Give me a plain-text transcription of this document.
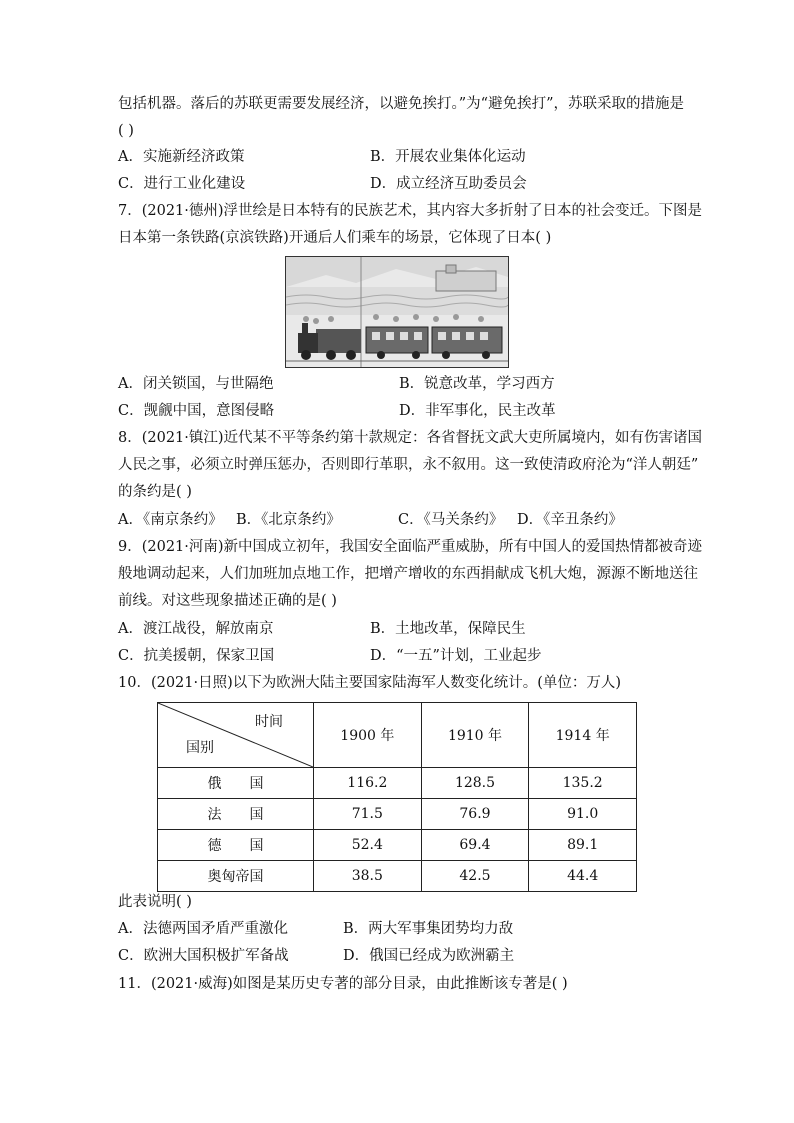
包括机器。落后的苏联更需要发展经济，以避免挨打。”为“避免挨打”，苏联采取的措施是
( )
A．实施新经济政策	B．开展农业集体化运动
C．进行工业化建设	D．成立经济互助委员会
7．(2021·德州)浮世绘是日本特有的民族艺术，其内容大多折射了日本的社会变迁。下图是
日本第一条铁路(京滨铁路)开通后人们乘车的场景，它体现了日本( )
A．闭关锁国，与世隔绝	B．锐意改革，学习西方
C．觊觎中国，意图侵略	D．非军事化，民主改革
8．(2021·镇江)近代某不平等条约第十款规定：各省督抚文武大吏所属境内，如有伤害诸国
人民之事，必须立时弹压惩办，否则即行革职，永不叙用。这一致使清政府沦为“洋人朝廷”
的条约是( )
A．《南京条约》 B．《北京条约》	C．《马关条约》 D．《辛丑条约》
9．(2021·河南)新中国成立初年，我国安全面临严重威胁，所有中国人的爱国热情都被奇迹
般地调动起来，人们加班加点地工作，把增产增收的东西捐献成飞机大炮，源源不断地送往
前线。对这些现象描述正确的是( )
A．渡江战役，解放南京	B．土地改革，保障民生
C．抗美援朝，保家卫国	D．“一五”计划，工业起步
10．(2021·日照)以下为欧洲大陆主要国家陆海军人数变化统计。(单位：万人)
时间
国别	1900 年	1910 年	1914 年
俄　　国	116.2	128.5	135.2
法　　国	71.5	76.9	91.0
德　　国	52.4	69.4	89.1
奥匈帝国	38.5	42.5	44.4
此表说明( )
A．法德两国矛盾严重激化	B．两大军事集团势均力敌
C．欧洲大国积极扩军备战	D．俄国已经成为欧洲霸主
11．(2021·威海)如图是某历史专著的部分目录，由此推断该专著是( )
